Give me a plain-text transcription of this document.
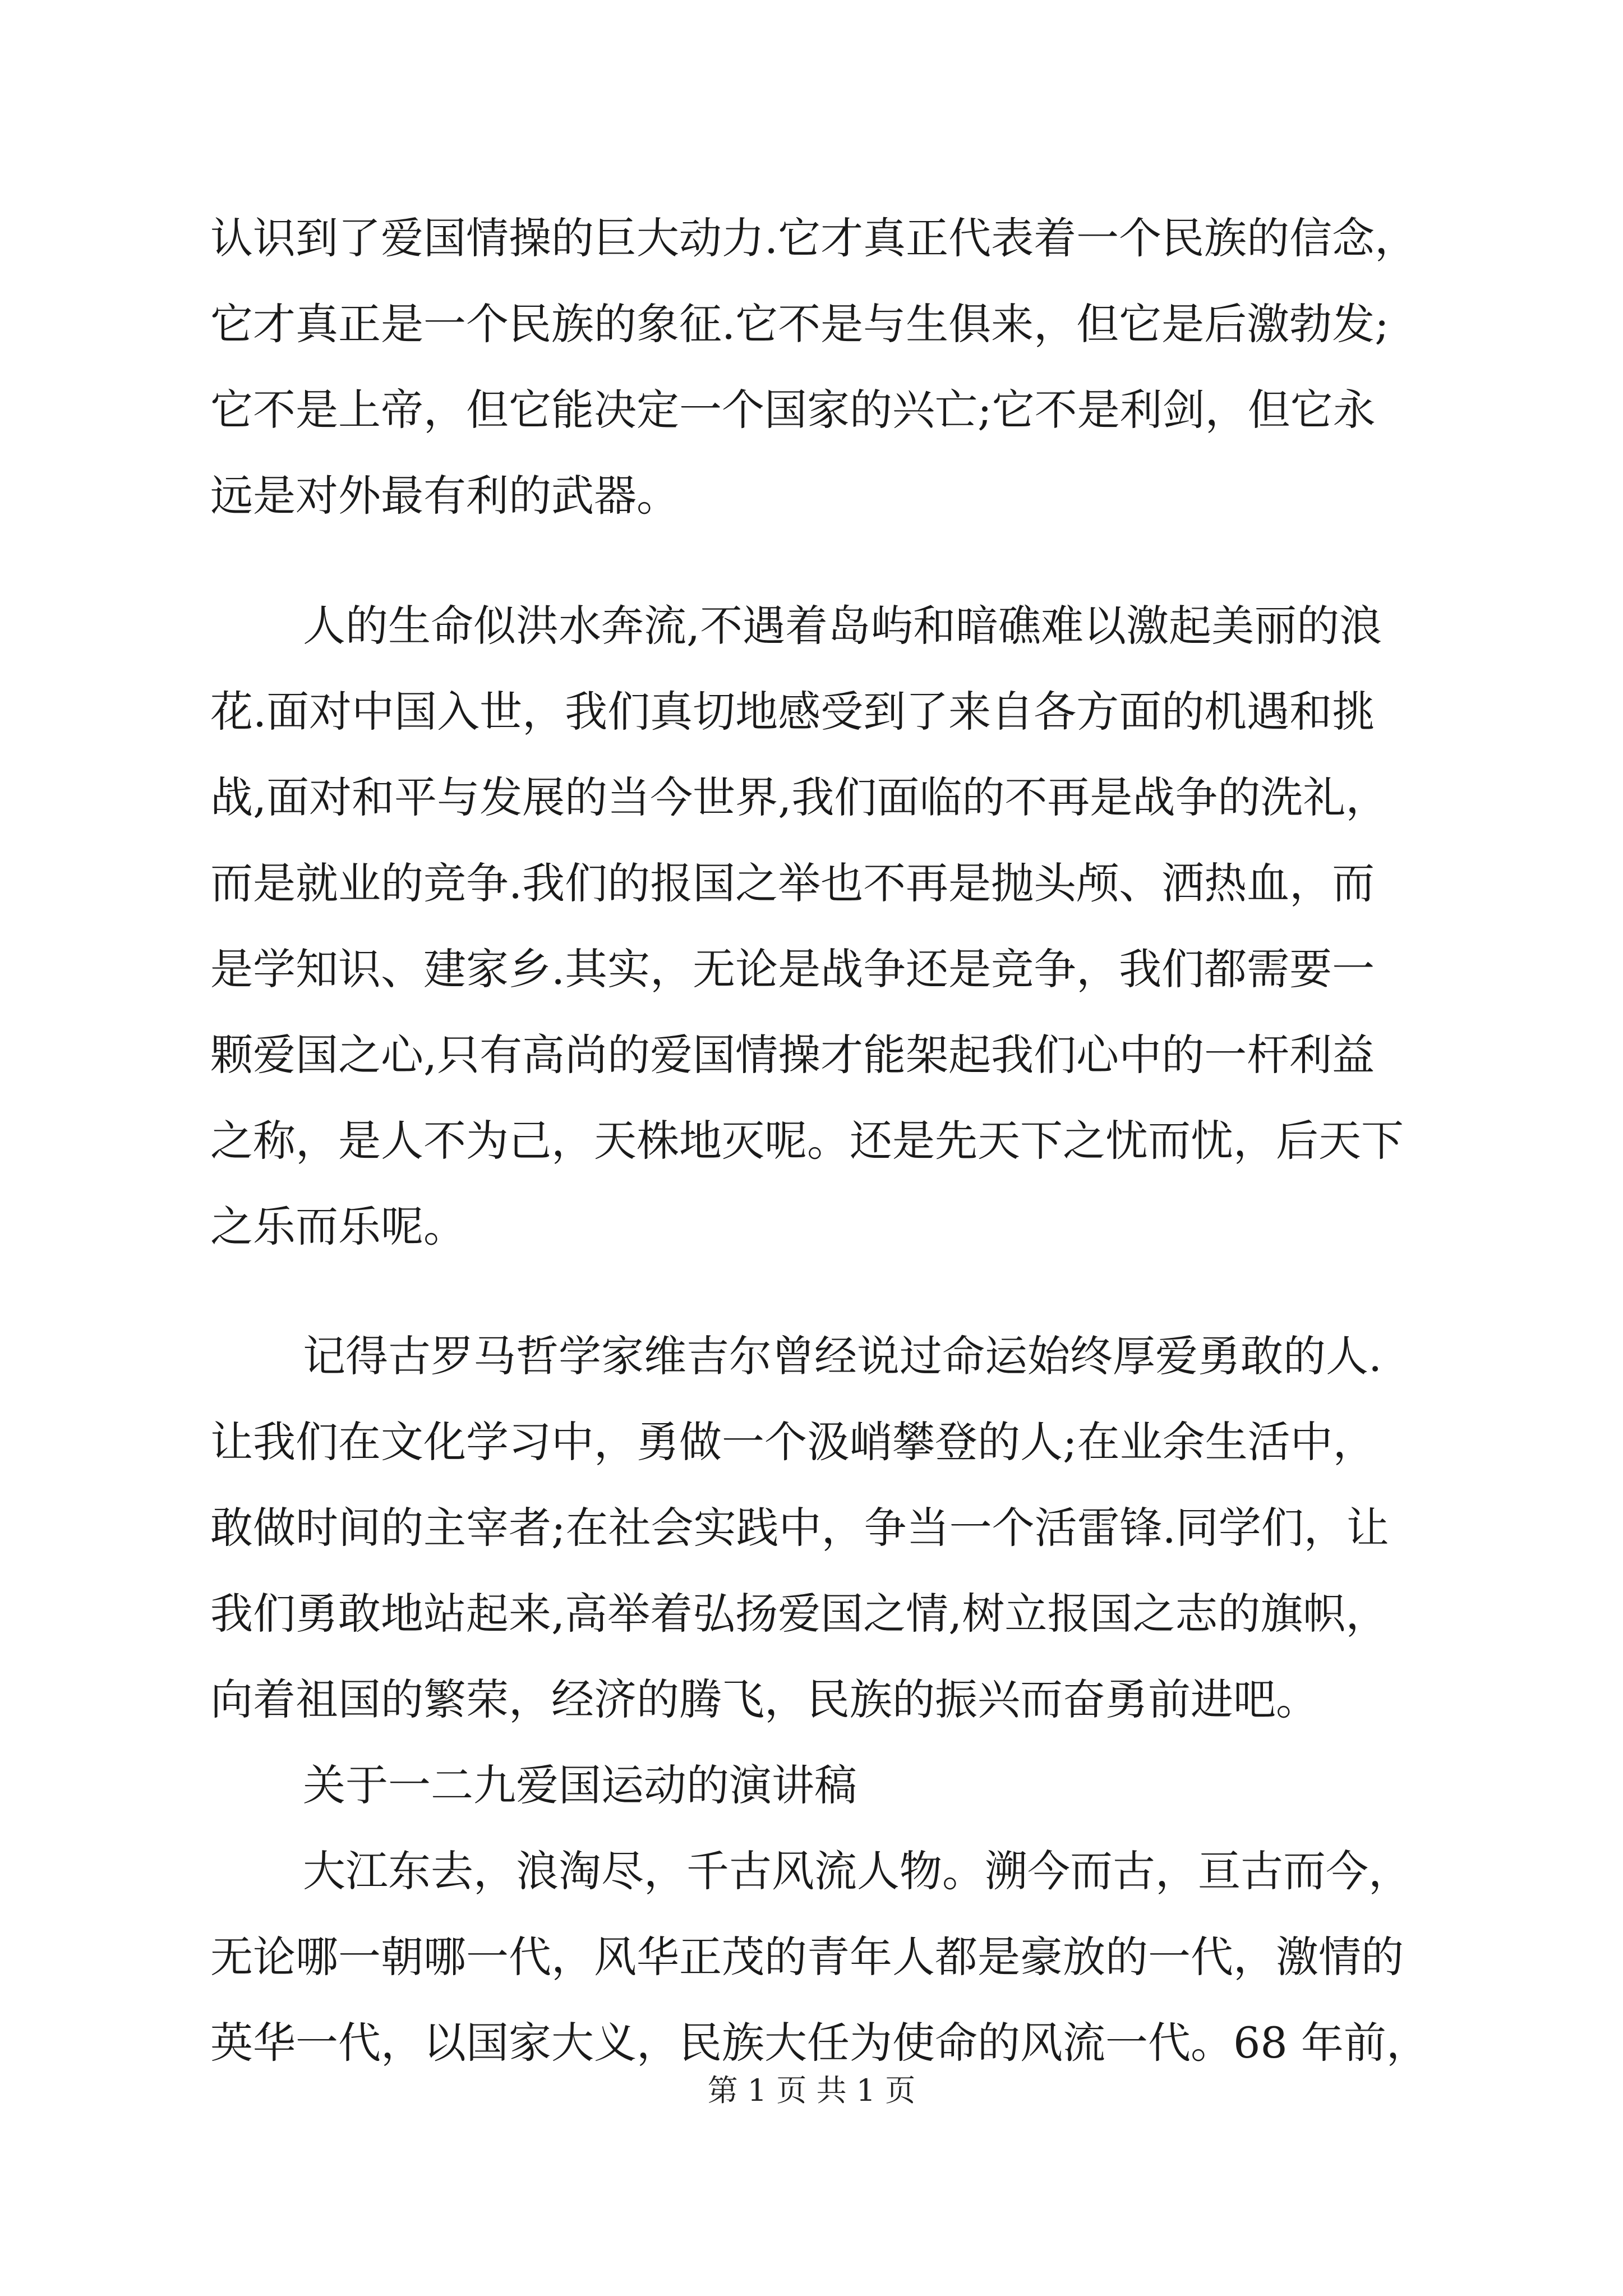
认识到了爱国情操的巨大动力.它才真正代表着一个民族的信念，
它才真正是一个民族的象征.它不是与生俱来，但它是后激勃发;
它不是上帝，但它能决定一个国家的兴亡;它不是利剑，但它永
远是对外最有利的武器。
人的生命似洪水奔流,不遇着岛屿和暗礁难以激起美丽的浪
花.面对中国入世，我们真切地感受到了来自各方面的机遇和挑
战,面对和平与发展的当今世界,我们面临的不再是战争的洗礼，
而是就业的竞争.我们的报国之举也不再是抛头颅、洒热血，而
是学知识、建家乡.其实，无论是战争还是竞争，我们都需要一
颗爱国之心,只有高尚的爱国情操才能架起我们心中的一杆利益
之称，是人不为己，天株地灭呢。还是先天下之忧而忧，后天下
之乐而乐呢。
记得古罗马哲学家维吉尔曾经说过命运始终厚爱勇敢的人.
让我们在文化学习中，勇做一个汲峭攀登的人;在业余生活中，
敢做时间的主宰者;在社会实践中，争当一个活雷锋.同学们，让
我们勇敢地站起来,高举着弘扬爱国之情,树立报国之志的旗帜，
向着祖国的繁荣，经济的腾飞，民族的振兴而奋勇前进吧。
关于一二九爱国运动的演讲稿
大江东去，浪淘尽，千古风流人物。溯今而古，亘古而今，
无论哪一朝哪一代，风华正茂的青年人都是豪放的一代，激情的
英华一代，以国家大义，民族大任为使命的风流一代。68 年前，
第 1 页 共 1 页
